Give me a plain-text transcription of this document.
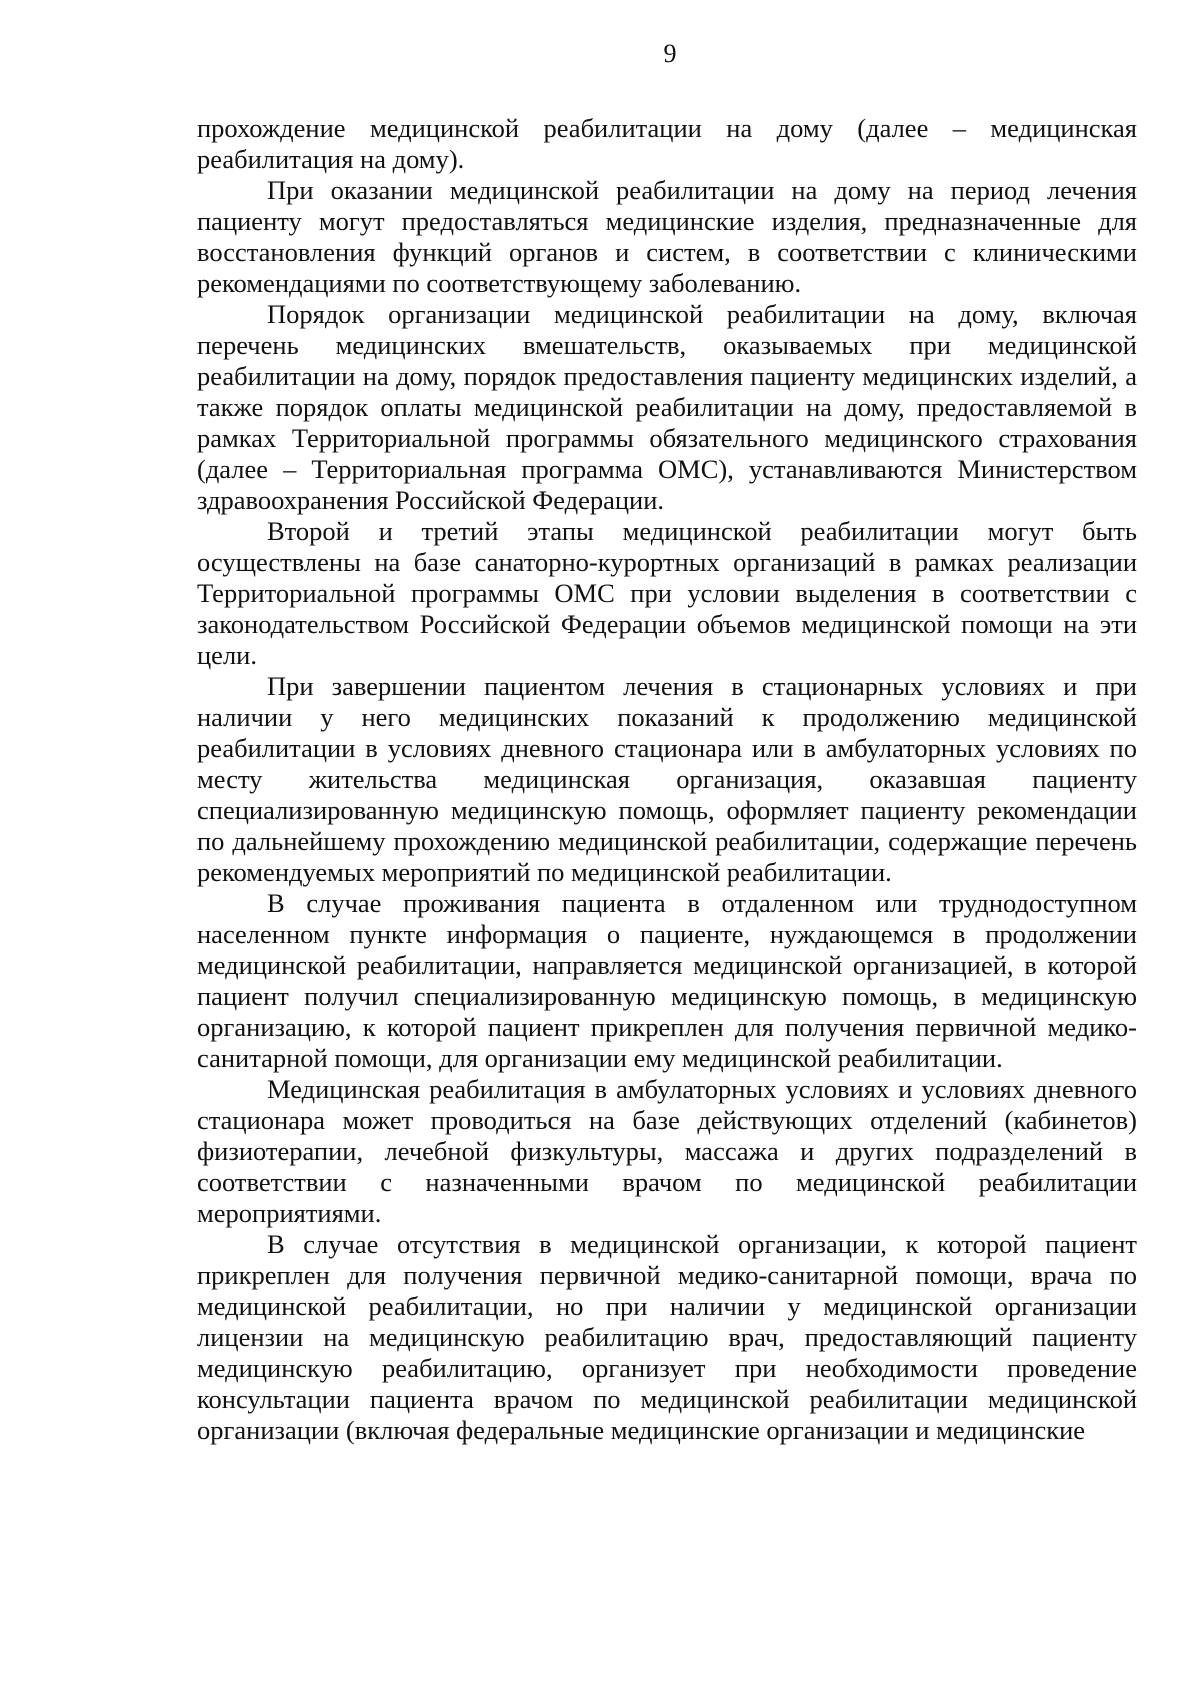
9

прохождение медицинской реабилитации на дому (далее – медицинская реабилитация на дому).

При оказании медицинской реабилитации на дому на период лечения пациенту могут предоставляться медицинские изделия, предназначенные для восстановления функций органов и систем, в соответствии с клиническими рекомендациями по соответствующему заболеванию.

Порядок организации медицинской реабилитации на дому, включая перечень медицинских вмешательств, оказываемых при медицинской реабилитации на дому, порядок предоставления пациенту медицинских изделий, а также порядок оплаты медицинской реабилитации на дому, предоставляемой в рамках Территориальной программы обязательного медицинского страхования (далее – Территориальная программа ОМС), устанавливаются Министерством здравоохранения Российской Федерации.

Второй и третий этапы медицинской реабилитации могут быть осуществлены на базе санаторно-курортных организаций в рамках реализации Территориальной программы ОМС при условии выделения в соответствии с законодательством Российской Федерации объемов медицинской помощи на эти цели.

При завершении пациентом лечения в стационарных условиях и при наличии у него медицинских показаний к продолжению медицинской реабилитации в условиях дневного стационара или в амбулаторных условиях по месту жительства медицинская организация, оказавшая пациенту специализированную медицинскую помощь, оформляет пациенту рекомендации по дальнейшему прохождению медицинской реабилитации, содержащие перечень рекомендуемых мероприятий по медицинской реабилитации.

В случае проживания пациента в отдаленном или труднодоступном населенном пункте информация о пациенте, нуждающемся в продолжении медицинской реабилитации, направляется медицинской организацией, в которой пациент получил специализированную медицинскую помощь, в медицинскую организацию, к которой пациент прикреплен для получения первичной медико-санитарной помощи, для организации ему медицинской реабилитации.

Медицинская реабилитация в амбулаторных условиях и условиях дневного стационара может проводиться на базе действующих отделений (кабинетов) физиотерапии, лечебной физкультуры, массажа и других подразделений в соответствии с назначенными врачом по медицинской реабилитации мероприятиями.

В случае отсутствия в медицинской организации, к которой пациент прикреплен для получения первичной медико-санитарной помощи, врача по медицинской реабилитации, но при наличии у медицинской организации лицензии на медицинскую реабилитацию врач, предоставляющий пациенту медицинскую реабилитацию, организует при необходимости проведение консультации пациента врачом по медицинской реабилитации медицинской организации (включая федеральные медицинские организации и медицинские
